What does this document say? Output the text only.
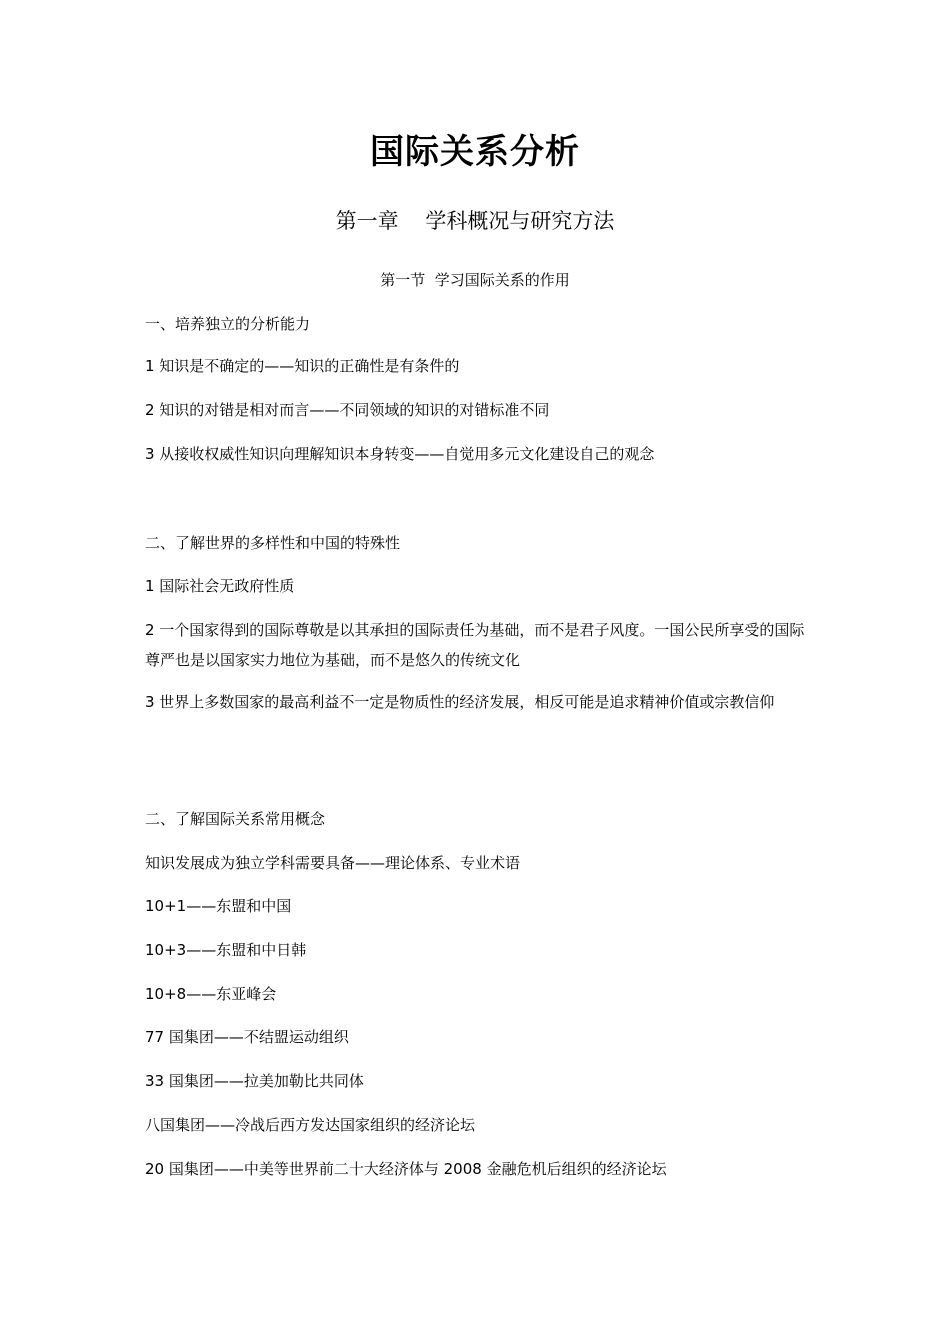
国际关系分析
第一章    学科概况与研究方法
第一节  学习国际关系的作用
一、培养独立的分析能力
1 知识是不确定的——知识的正确性是有条件的
2 知识的对错是相对而言——不同领域的知识的对错标准不同
3 从接收权威性知识向理解知识本身转变——自觉用多元文化建设自己的观念
二、了解世界的多样性和中国的特殊性
1 国际社会无政府性质
2 一个国家得到的国际尊敬是以其承担的国际责任为基础，而不是君子风度。一国公民所享受的国际尊严也是以国家实力地位为基础，而不是悠久的传统文化
3 世界上多数国家的最高利益不一定是物质性的经济发展，相反可能是追求精神价值或宗教信仰
二、了解国际关系常用概念
知识发展成为独立学科需要具备——理论体系、专业术语
10+1——东盟和中国
10+3——东盟和中日韩
10+8——东亚峰会
77 国集团——不结盟运动组织
33 国集团——拉美加勒比共同体
八国集团——冷战后西方发达国家组织的经济论坛
20 国集团——中美等世界前二十大经济体与 2008 金融危机后组织的经济论坛
